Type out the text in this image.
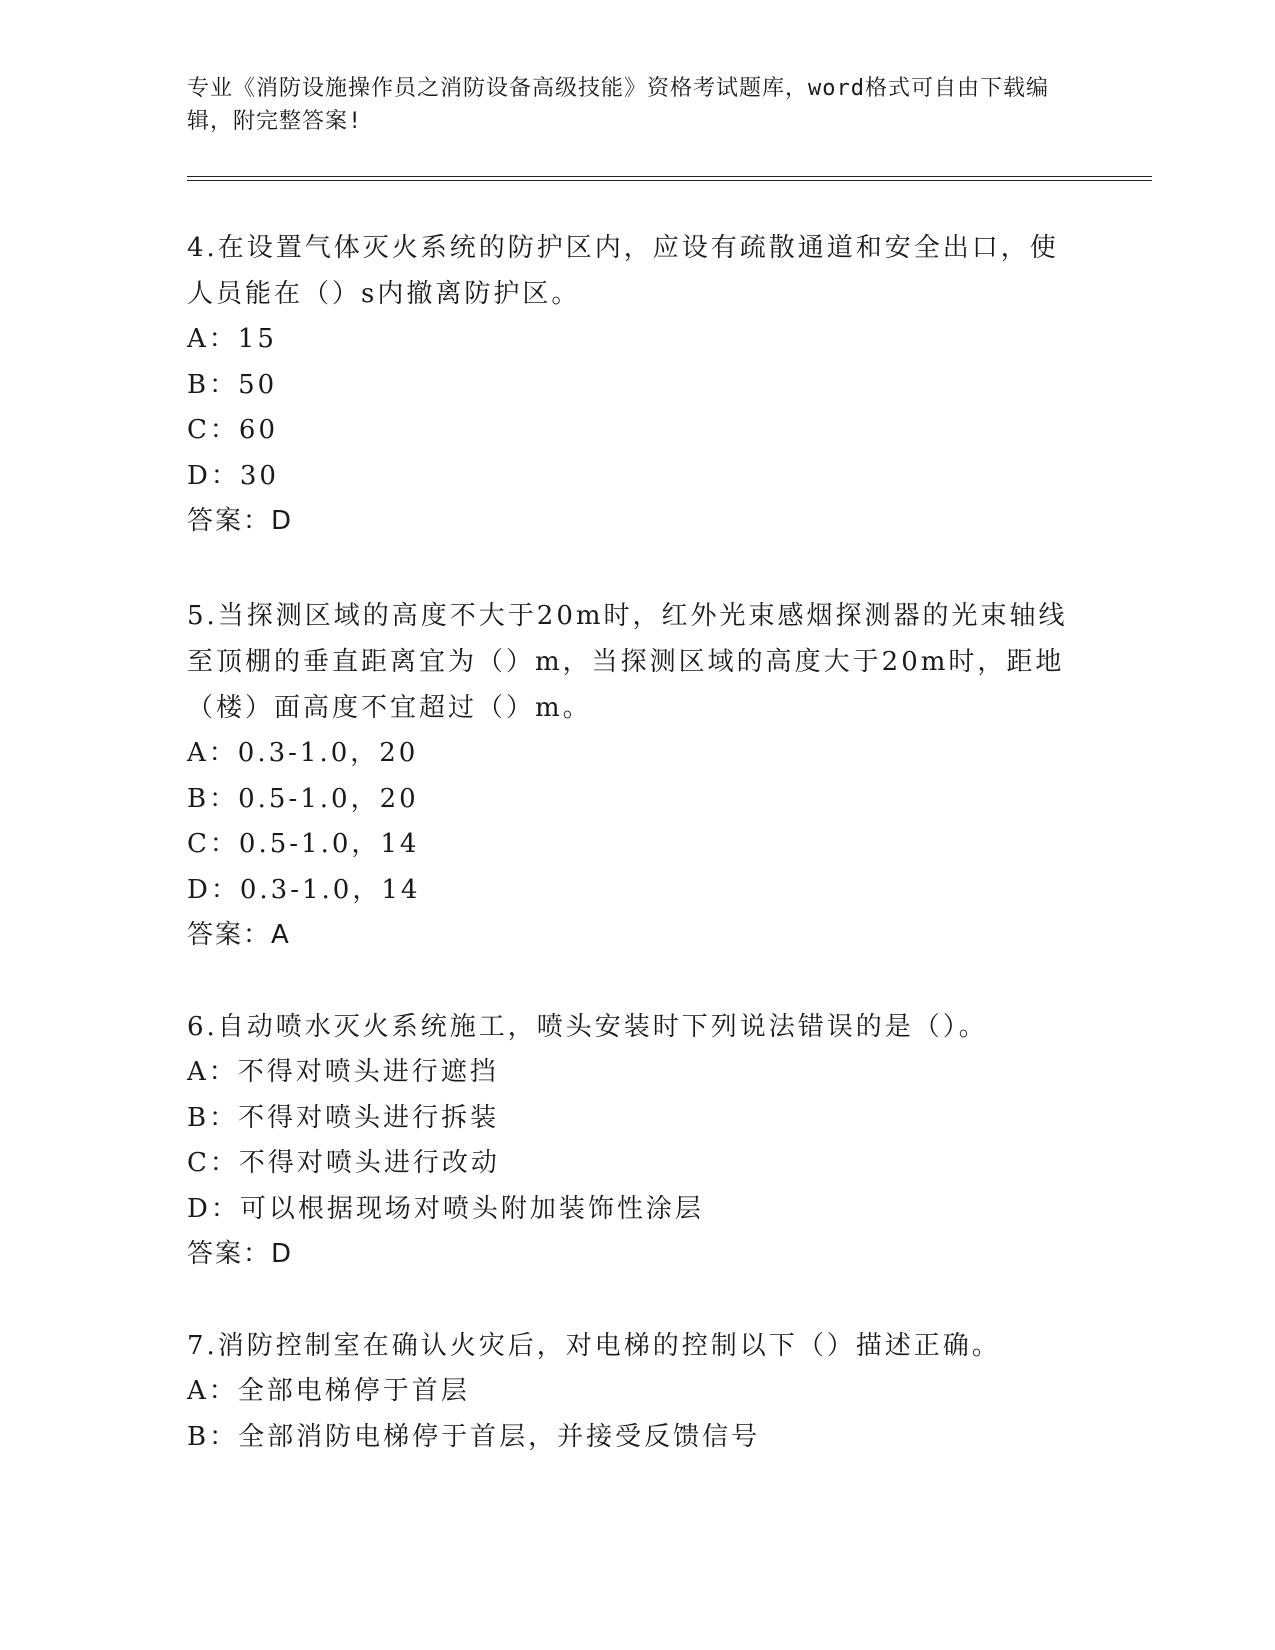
专业《消防设施操作员之消防设备高级技能》资格考试题库，word格式可自由下载编辑，附完整答案!
4.在设置气体灭火系统的防护区内，应设有疏散通道和安全出口，使人员能在（）s内撤离防护区。
A：15
B：50
C：60
D：30
答案：D
5.当探测区域的高度不大于20m时，红外光束感烟探测器的光束轴线至顶棚的垂直距离宜为（）m，当探测区域的高度大于20m时，距地（楼）面高度不宜超过（）m。
A：0.3-1.0，20
B：0.5-1.0，20
C：0.5-1.0，14
D：0.3-1.0，14
答案：A
6.自动喷水灭火系统施工，喷头安装时下列说法错误的是（）。
A：不得对喷头进行遮挡
B：不得对喷头进行拆装
C：不得对喷头进行改动
D：可以根据现场对喷头附加装饰性涂层
答案：D
7.消防控制室在确认火灾后，对电梯的控制以下（）描述正确。
A：全部电梯停于首层
B：全部消防电梯停于首层，并接受反馈信号
